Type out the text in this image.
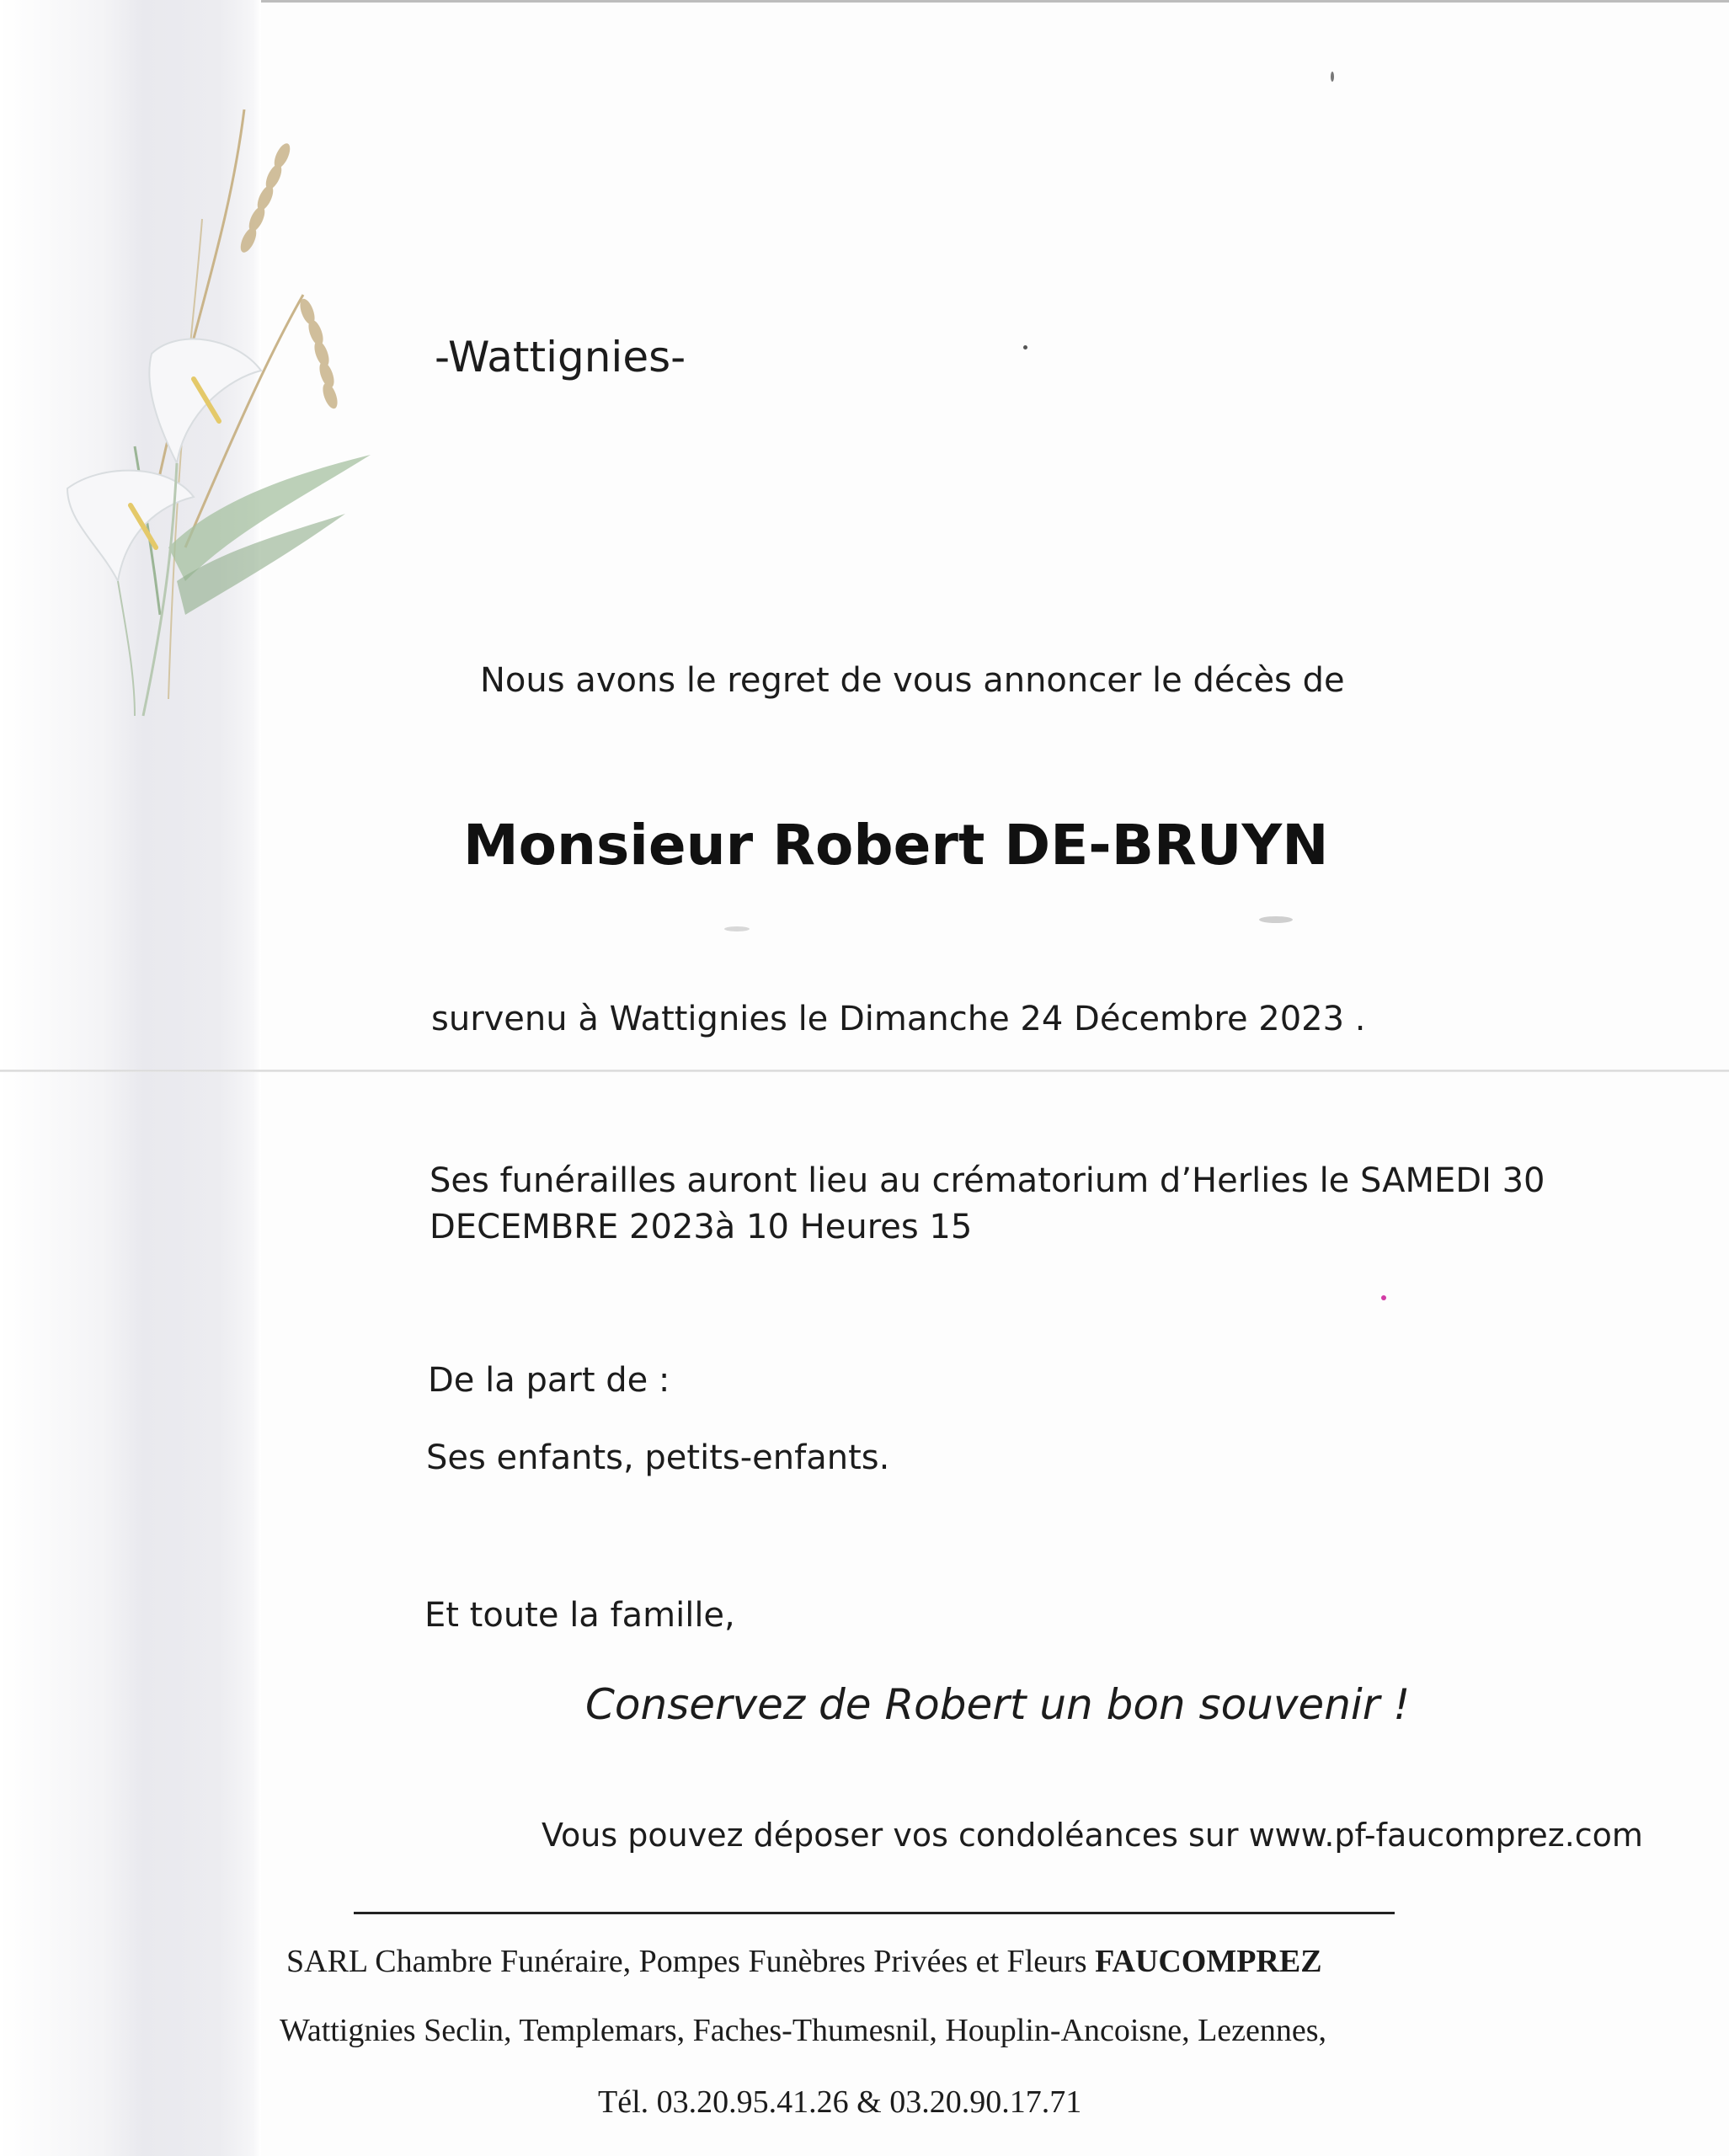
-Wattignies-
Nous avons le regret de vous annoncer le décès de
Monsieur Robert DE-BRUYN
survenu à Wattignies le Dimanche 24 Décembre 2023 .
Ses funérailles auront lieu au crématorium d’Herlies le SAMEDI 30 DECEMBRE 2023à 10 Heures 15
De la part de :
Ses enfants, petits-enfants.
Et toute la famille,
Conservez de Robert un bon souvenir !
Vous pouvez déposer vos condoléances sur www.pf-faucomprez.com
SARL Chambre Funéraire, Pompes Funèbres Privées et Fleurs FAUCOMPREZ
Wattignies Seclin, Templemars, Faches-Thumesnil, Houplin-Ancoisne, Lezennes,
Tél. 03.20.95.41.26 & 03.20.90.17.71
